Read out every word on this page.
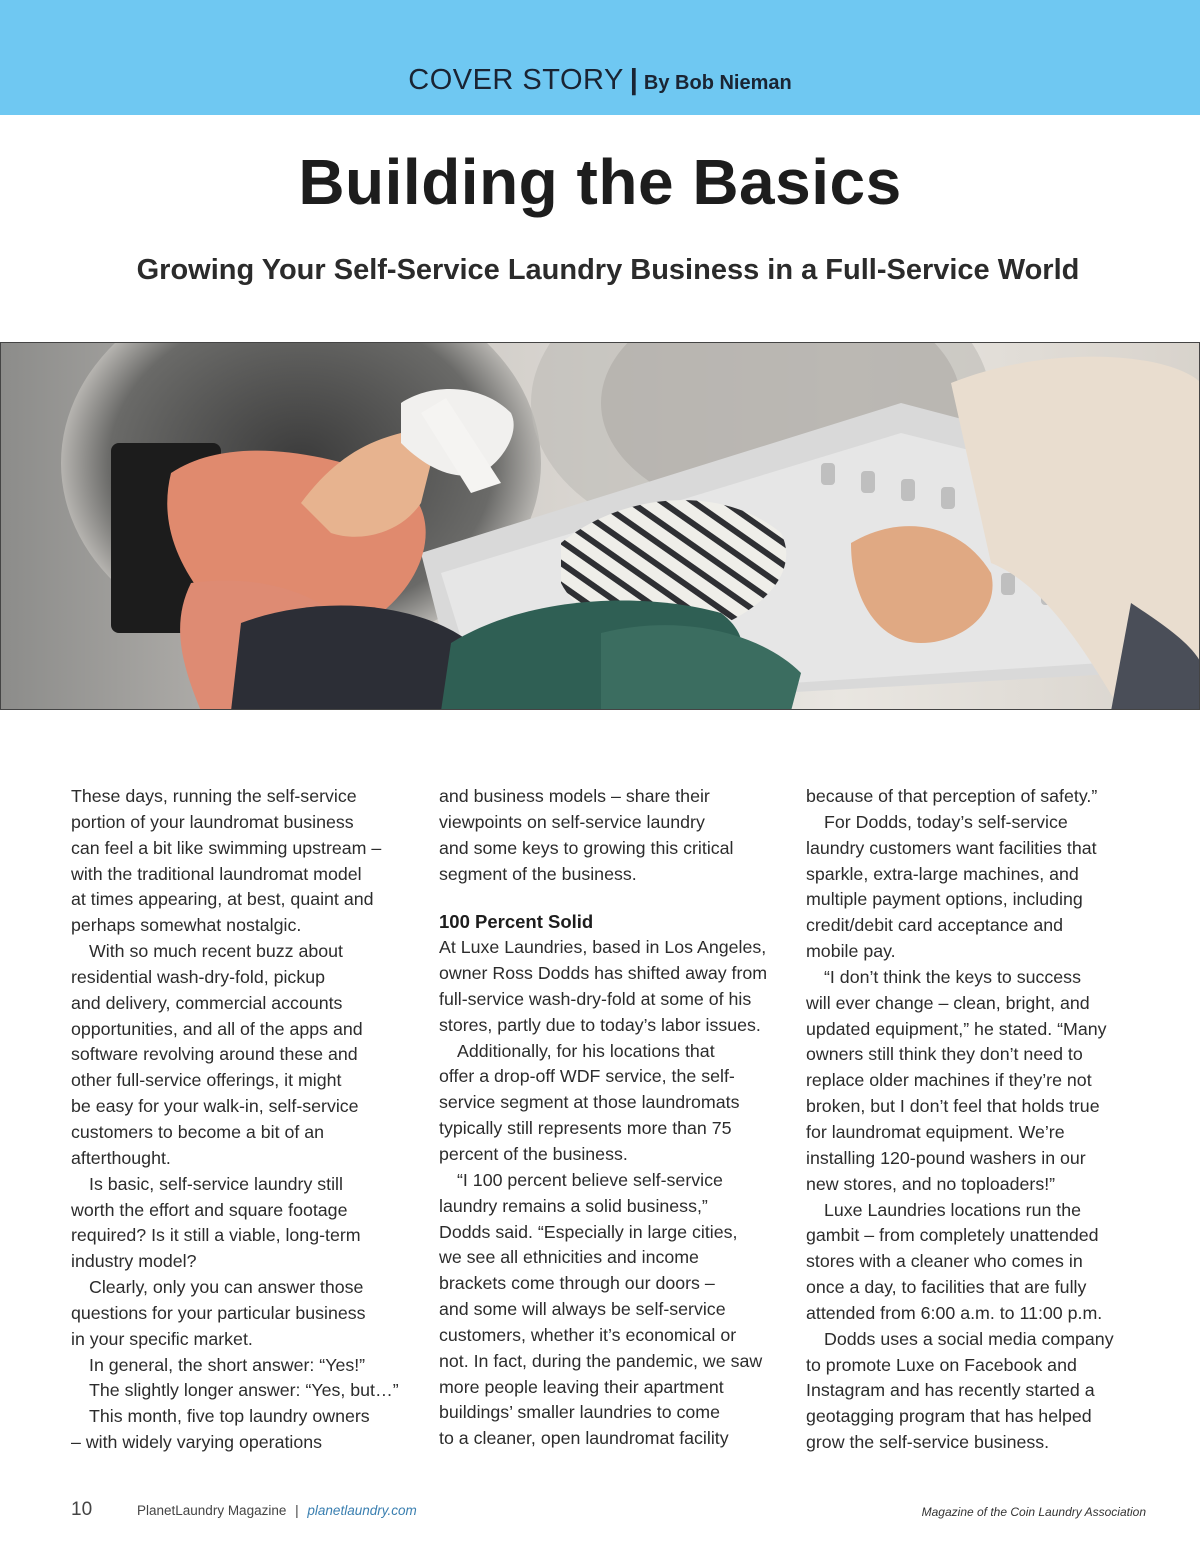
COVER STORY | By Bob Nieman
Building the Basics
Growing Your Self-Service Laundry Business in a Full-Service World

These days, running the self-service

portion of your laundromat business

can feel a bit like swimming upstream –

with the traditional laundromat model

at times appearing, at best, quaint and

perhaps somewhat nostalgic.

With so much recent buzz about

residential wash-dry-fold, pickup

and delivery, commercial accounts

opportunities, and all of the apps and

software revolving around these and

other full-service offerings, it might

be easy for your walk-in, self-service

customers to become a bit of an

afterthought.

Is basic, self-service laundry still

worth the effort and square footage

required? Is it still a viable, long-term

industry model?

Clearly, only you can answer those

questions for your particular business

in your specific market.

In general, the short answer: “Yes!”

The slightly longer answer: “Yes, but…”

This month, five top laundry owners

– with widely varying operations

and business models – share their

viewpoints on self-service laundry

and some keys to growing this critical

segment of the business.

100 Percent Solid

At Luxe Laundries, based in Los Angeles,

owner Ross Dodds has shifted away from

full-service wash-dry-fold at some of his

stores, partly due to today’s labor issues.

Additionally, for his locations that

offer a drop-off WDF service, the self-

service segment at those laundromats

typically still represents more than 75

percent of the business.

“I 100 percent believe self-service

laundry remains a solid business,”

Dodds said. “Especially in large cities,

we see all ethnicities and income

brackets come through our doors –

and some will always be self-service

customers, whether it’s economical or

not. In fact, during the pandemic, we saw

more people leaving their apartment

buildings’ smaller laundries to come

to a cleaner, open laundromat facility

because of that perception of safety.”

For Dodds, today’s self-service

laundry customers want facilities that

sparkle, extra-large machines, and

multiple payment options, including

credit/debit card acceptance and

mobile pay.

“I don’t think the keys to success

will ever change – clean, bright, and

updated equipment,” he stated. “Many

owners still think they don’t need to

replace older machines if they’re not

broken, but I don’t feel that holds true

for laundromat equipment. We’re

installing 120-pound washers in our

new stores, and no toploaders!”

Luxe Laundries locations run the

gambit – from completely unattended

stores with a cleaner who comes in

once a day, to facilities that are fully

attended from 6:00 a.m. to 11:00 p.m.

Dodds uses a social media company

to promote Luxe on Facebook and

Instagram and has recently started a

geotagging program that has helped

grow the self-service business.

10	PlanetLaundry Magazine | planetlaundry.com	Magazine of the Coin Laundry Association
